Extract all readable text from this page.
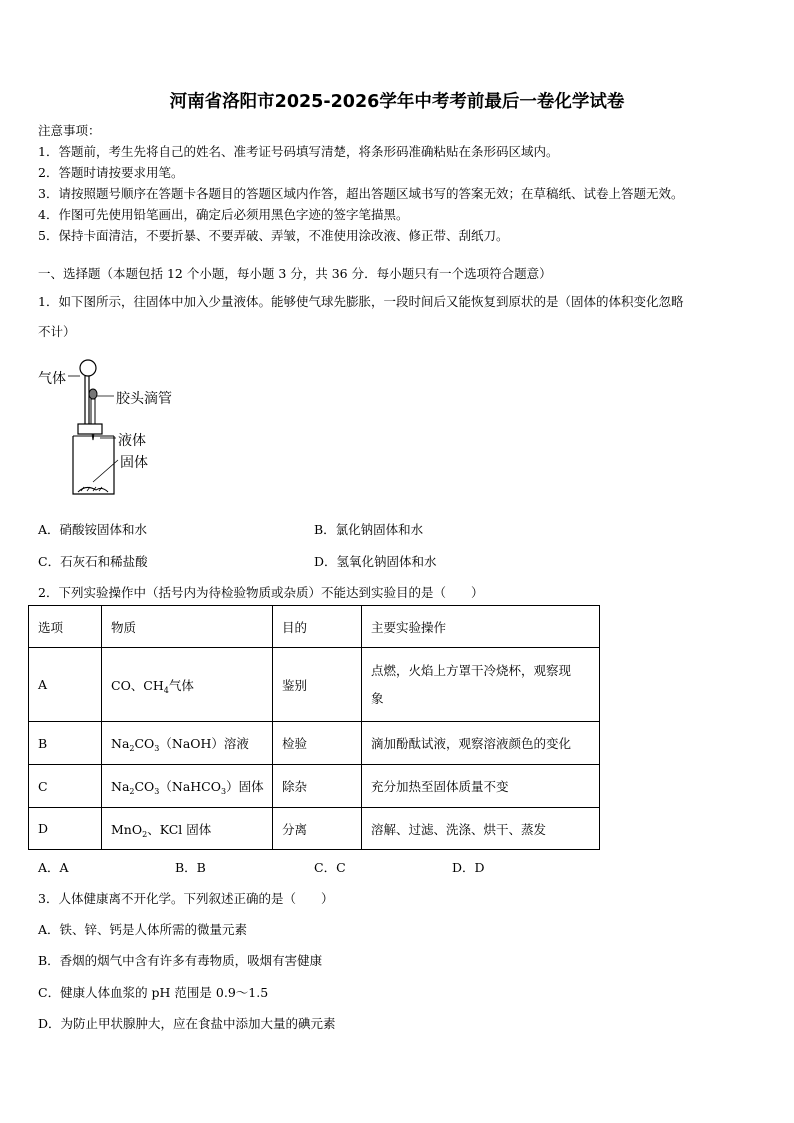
河南省洛阳市2025-2026学年中考考前最后一卷化学试卷
注意事项：
1．答题前，考生先将自己的姓名、准考证号码填写清楚，将条形码准确粘贴在条形码区域内。
2．答题时请按要求用笔。
3．请按照题号顺序在答题卡各题目的答题区域内作答，超出答题区域书写的答案无效；在草稿纸、试卷上答题无效。
4．作图可先使用铅笔画出，确定后必须用黑色字迹的签字笔描黑。
5．保持卡面清洁，不要折暴、不要弄破、弄皱，不准使用涂改液、修正带、刮纸刀。
一、选择题（本题包括 12 个小题，每小题 3 分，共 36 分．每小题只有一个选项符合题意）
1．如下图所示，往固体中加入少量液体。能够使气球先膨胀，一段时间后又能恢复到原状的是（固体的体积变化忽略
不计）
气体
胶头滴管
液体
固体
A．硝酸铵固体和水	B．氯化钠固体和水
C．石灰石和稀盐酸	D．氢氧化钠固体和水
2．下列实验操作中（括号内为待检验物质或杂质）不能达到实验目的是（　　）
选项	物质	目的	主要实验操作
A	CO、$CH_4$气体	鉴别	点燃，火焰上方罩干冷烧杯，观察现
象
B	$Na_2CO_3(NaOH)$溶液	检验	滴加酚酞试液，观察溶液颜色的变化
C	$Na_2CO_3(NaHCO_3)$固体	除杂	充分加热至固体质量不变
D	MnO$_2$、KCl 固体	分离	溶解、过滤、洗涤、烘干、蒸发
A．A	B．B	C．C	D．D
3．人体健康离不开化学。下列叙述正确的是（　　）
A．铁、锌、钙是人体所需的微量元素
B．香烟的烟气中含有许多有毒物质，吸烟有害健康
C．健康人体血浆的 pH 范围是 0.9～1.5
D．为防止甲状腺肿大，应在食盐中添加大量的碘元素
